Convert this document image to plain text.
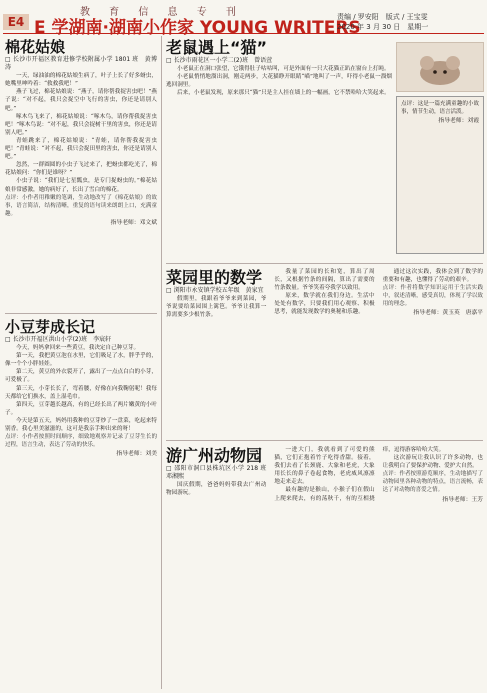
教 育 信 息 专 刊
E4 E 学湖南·湖南小作家 YOUNG WRITERS
责编 / 罗安阳　版式 / 王宝雯
2020 年 3 月 30 日　星期一
棉花姑娘
□ 长沙市开福区教育进修学校附属小学 1801 班　黄博涛

一天，绿油油的棉花姑娘生病了，叶子上长了好多蚜虫，她嘴里呻吟着：“救救我吧！”

燕子飞过，棉花姑娘说：“燕子，请你帮我捉害虫吧！”燕子说：“对不起，我只会捉空中飞行的害虫，你还是请别人吧。”

啄木鸟飞来了，棉花姑娘说：“啄木鸟，请你帮我捉害虫吧！”啄木鸟说：“对不起，我只会捉树干里的害虫，你还是请别人吧。”

青蛙跳来了，棉花姑娘说：“青蛙，请你帮我捉害虫吧！”青蛙说：“对不起，我只会捉田里的害虫，你还是请别人吧。”

忽然，一群圆圆的小虫子飞过来了，把蚜虫都吃光了，棉花姑娘问：“你们是谁呀？”

小虫子说：“我们是七星瓢虫，是专门捉蚜虫的。”棉花姑娘非常感激，她的病好了，长出了雪白的棉花。

点评：小作者用稚嫩的笔调，生动地改写了《棉花姑娘》的故事，语言简洁，结构清晰，重复的语句读来朗朗上口，充满童趣。

指导老师：邓文斌
小豆芽成长记
□ 长沙市开福区洪山小学(2)班　李宸轩

今天，妈妈拿回来一些黄豆，我决定自己种豆芽。

第一天，我把黄豆泡在水里，它们吸足了水，胖乎乎的，像一个个小胖娃娃。

第二天，黄豆的外衣裂开了，露出了一点点白白的小芽，可爱极了。

第三天，小芽长长了，弯着腰，好像在向我鞠躬呢！我每天都给它们换水，盖上湿毛巾。

第四天，豆芽越长越高，有的已经长出了两片嫩黄的小叶子。

今天是第五天，妈妈用我种的豆芽炒了一盘菜，吃起来特别香。我心里美滋滋的，这可是我亲手种出来的呀！

点评：小作者按照时间顺序，细致地观察并记录了豆芽生长的过程，语言生动，表达了劳动的快乐。

指导老师：刘美
老鼠遇上“猫”
□ 长沙市雨花区一小学二(2)班　曾语萱

小老鼠正在洞口张望，它饿得肚子咕咕叫，可是外面有一只大花猫正趴在窗台上打盹。

小老鼠悄悄地溜出洞，刚走两步，大花猫睁开眼睛“喵”地叫了一声，吓得小老鼠一溜烟逃回洞里。

后来，小老鼠发现，原来那只“猫”只是主人挂在墙上的一幅画，它不禁哈哈大笑起来。

点评：这是一篇充满童趣的小故事，情节生动，语言活泼。
指导老师：刘霞
菜园里的数学
□ 浏阳市永安镇学校五年级　黄家宜

假期里，我跟着爷爷来到菜园，爷爷说要给菜园围上篱笆。爷爷让我算一算需要多少根竹条。

我量了菜园的长和宽，算出了周长，又根据竹条的间隔，算出了需要的竹条数量。爷爷笑着夸我学以致用。

原来，数学就在我们身边。生活中处处有数学，只要我们用心观察、积极思考，就能发现数学的奥秘和乐趣。

通过这次实践，我体会到了数学的重要和有趣，也懂得了劳动的艰辛。

点评：作者将数学知识运用于生活实践中，叙述清晰，感受真切，体现了学以致用的理念。

指导老师：黄玉英　唐嘉平
游广州动物园
□ 邵阳市洞口县株坑区小学 218 班　邓湘熙

国庆假期，爸爸妈妈带我去广州动物园游玩。

一进大门，我就看到了可爱的熊猫，它们正抱着竹子吃得香甜。接着，我们去看了长颈鹿、大象和老虎，大象用长长的鼻子卷起食物，老虎威风凛凛地走来走去。

最有趣的是猴山，小猴子们在假山上爬来爬去，有的荡秋千，有的互相挠痒，逗得游客哈哈大笑。

这次游玩让我认识了许多动物，也让我明白了要保护动物、爱护大自然。

点评：作者按照游览顺序，生动地描写了动物园里各种动物的特点，语言流畅，表达了对动物的喜爱之情。

指导老师：王芳
